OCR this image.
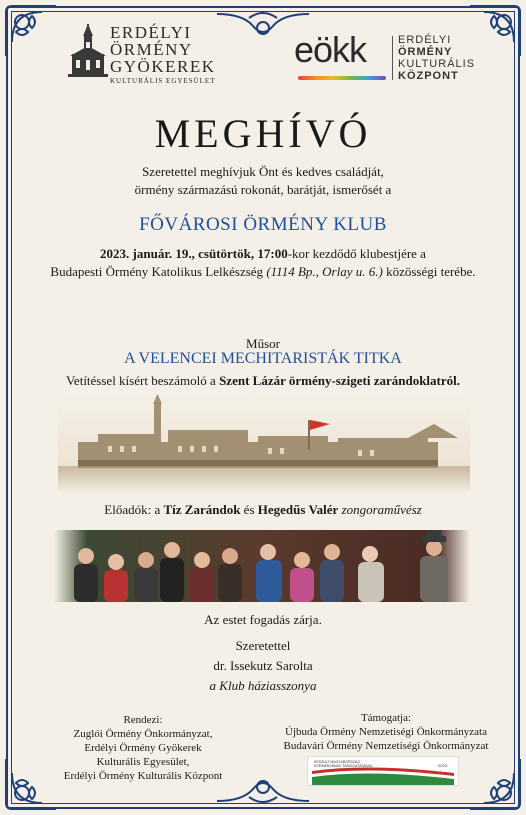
ERDÉLYI
ÖRMÉNY
GYÖKEREK
KULTURÁLIS EGYESÜLET
eökk	ERDÉLYI
ÖRMÉNY
KULTURÁLIS
KÖZPONT
MEGHÍVÓ
Szeretettel meghívjuk Önt és kedves családját,
örmény származású rokonát, barátját, ismerősét a
FŐVÁROSI ÖRMÉNY KLUB
2023. január. 19., csütörtök, 17:00-kor kezdődő klubestjére a
Budapesti Örmény Katolikus Lelkészség (1114 Bp., Orlay u. 6.) közösségi terébe.
Műsor
A VELENCEI MECHITARISTÁK TITKA
Vetítéssel kísért beszámoló a Szent Lázár örmény-szigeti zarándoklatról.
Előadók: a Tíz Zarándok és Hegedűs Valér zongoraművész
Az estet fogadás zárja.
Szeretettel
dr. Issekutz Sarolta
a Klub háziasszonya
Rendezi:
Zuglói Örmény Önkormányzat,
Erdélyi Örmény Gyökerek
Kulturális Egyesület,
Erdélyi Örmény Kulturális Központ
Támogatja:
Újbuda Örmény Nemzetiségi Önkormányzata
Budavári Örmény Nemzetiségi Önkormányzat
KÉSZÜLT MAGYARORSZÁG
KORMÁNYÁNAK TÁMOGATÁSÁVAL	2023
